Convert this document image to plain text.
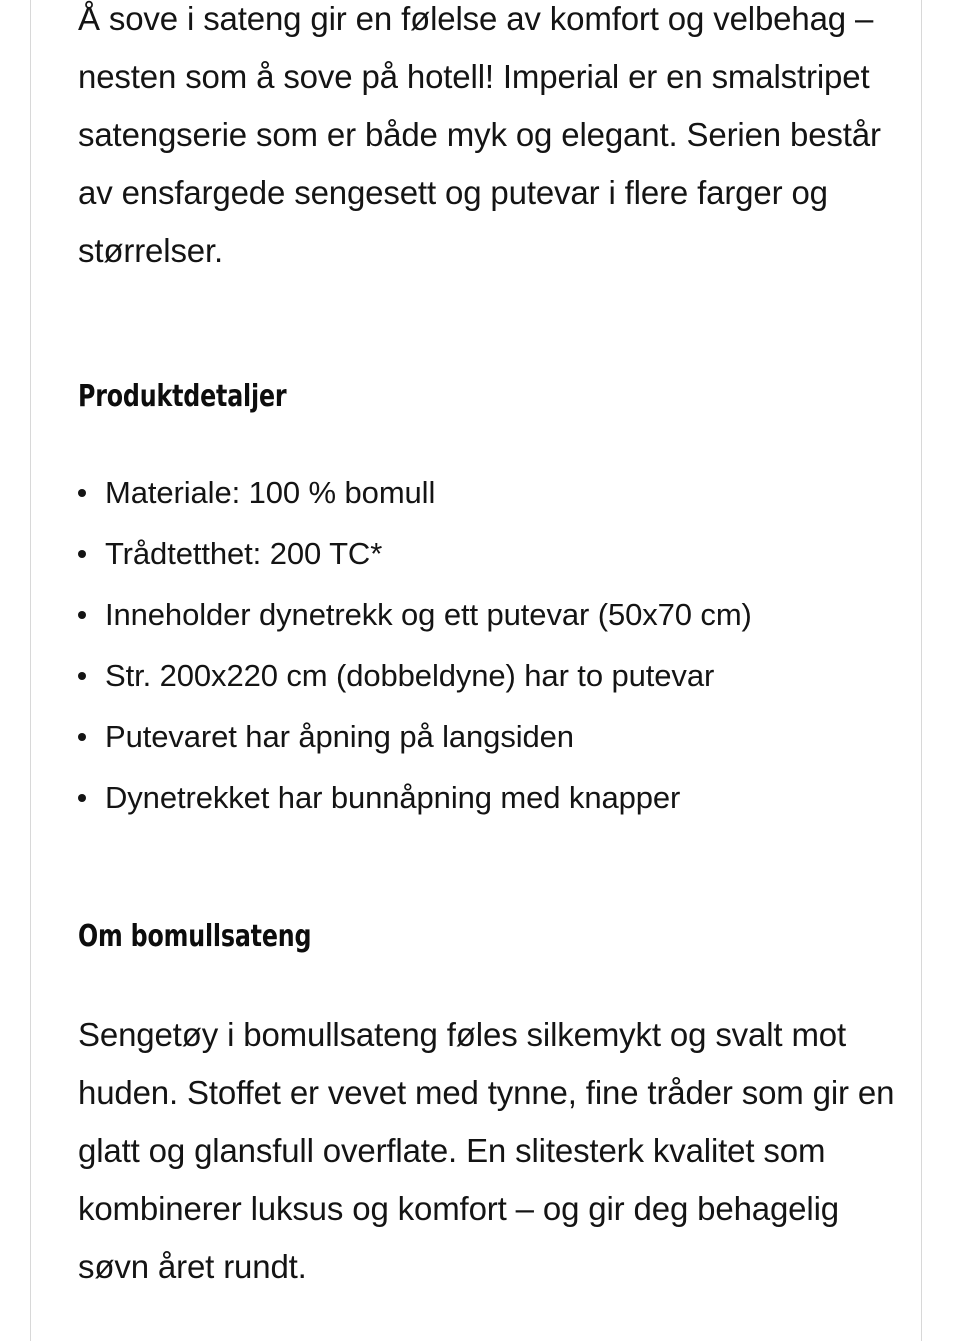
Å sove i sateng gir en følelse av komfort og velbehag – nesten som å sove på hotell! Imperial er en smalstripet satengserie som er både myk og elegant. Serien består av ensfargede sengesett og putevar i flere farger og størrelser.

Produktdetaljer
Materiale: 100 % bomull
Trådtetthet: 200 TC*
Inneholder dynetrekk og ett putevar (50x70 cm)
Str. 200x220 cm (dobbeldyne) har to putevar
Putevaret har åpning på langsiden
Dynetrekket har bunnåpning med knapper
Om bomullsateng

Sengetøy i bomullsateng føles silkemykt og svalt mot huden. Stoffet er vevet med tynne, fine tråder som gir en glatt og glansfull overflate. En slitesterk kvalitet som kombinerer luksus og komfort – og gir deg behagelig søvn året rundt.
